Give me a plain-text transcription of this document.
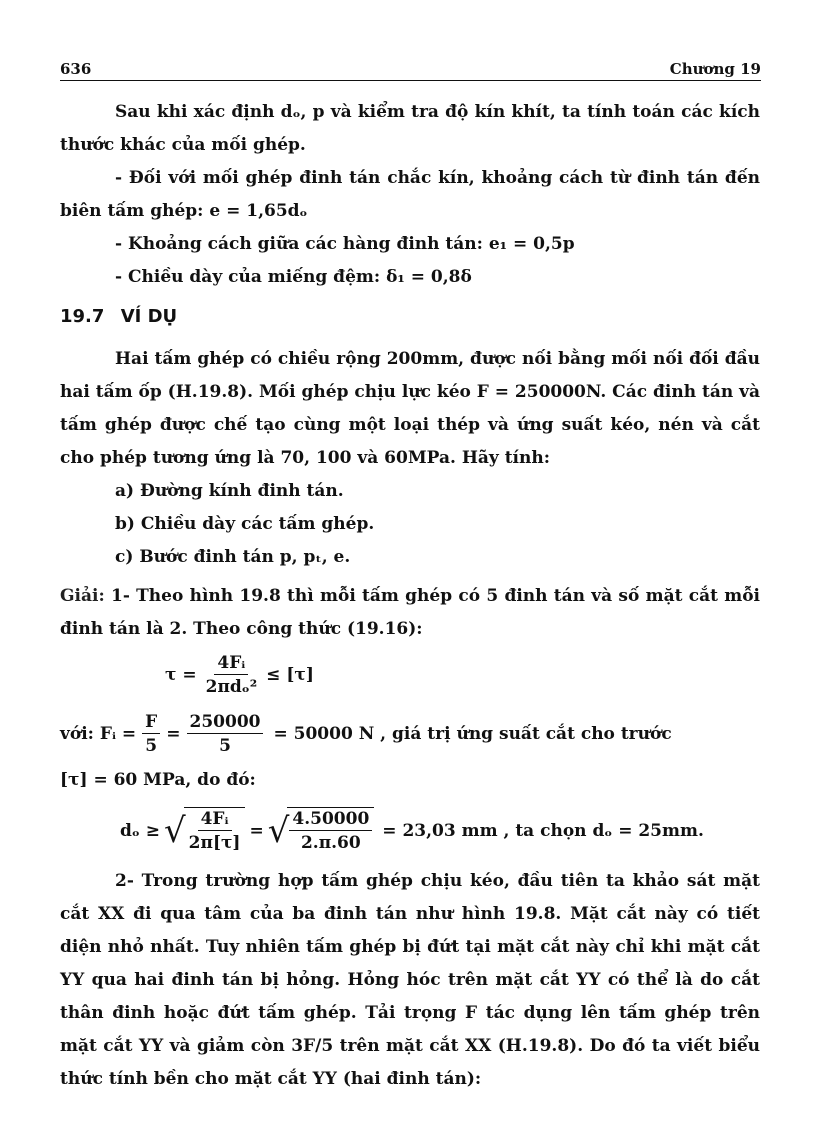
636	Chương 19

Sau khi xác định dₒ, p và kiểm tra độ kín khít, ta tính toán các kích thước khác của mối ghép.

- Đối với mối ghép đinh tán chắc kín, khoảng cách từ đinh tán đến biên tấm ghép: e = 1,65dₒ

- Khoảng cách giữa các hàng đinh tán: e₁ = 0,5p

- Chiều dày của miếng đệm: δ₁ = 0,8δ

19.7 VÍ DỤ

Hai tấm ghép có chiều rộng 200mm, được nối bằng mối nối đối đầu hai tấm ốp (H.19.8). Mối ghép chịu lực kéo F = 250000N. Các đinh tán và tấm ghép được chế tạo cùng một loại thép và ứng suất kéo, nén và cắt cho phép tương ứng là 70, 100 và 60MPa. Hãy tính:

a) Đường kính đinh tán.

b) Chiều dày các tấm ghép.

c) Bước đinh tán p, pₜ, e.

Giải: 1- Theo hình 19.8 thì mỗi tấm ghép có 5 đinh tán và số mặt cắt mỗi đinh tán là 2. Theo công thức (19.16):

$\tau = \frac{\text{4Fᵢ}}{\text{2πdₒ²}} \le [\tau]$
với: Fᵢ = $\frac{F}{5} = \frac{250000}{5} = 50000$ N , giá trị ứng suất cắt cho trước

[τ] = 60 MPa, do đó:

dₒ ≥ √ $\frac{\text{4Fᵢ}}{2\pi[\tau]}$ = √ $\frac{4.50000}{2.\pi.60} = 23,03$ mm , ta chọn dₒ = 25mm.

2- Trong trường hợp tấm ghép chịu kéo, đầu tiên ta khảo sát mặt cắt XX đi qua tâm của ba đinh tán như hình 19.8. Mặt cắt này có tiết diện nhỏ nhất. Tuy nhiên tấm ghép bị đứt tại mặt cắt này chỉ khi mặt cắt YY qua hai đinh tán bị hỏng. Hỏng hóc trên mặt cắt YY có thể là do cắt thân đinh hoặc đứt tấm ghép. Tải trọng F tác dụng lên tấm ghép trên mặt cắt YY và giảm còn 3F/5 trên mặt cắt XX (H.19.8). Do đó ta viết biểu thức tính bền cho mặt cắt YY (hai đinh tán):
